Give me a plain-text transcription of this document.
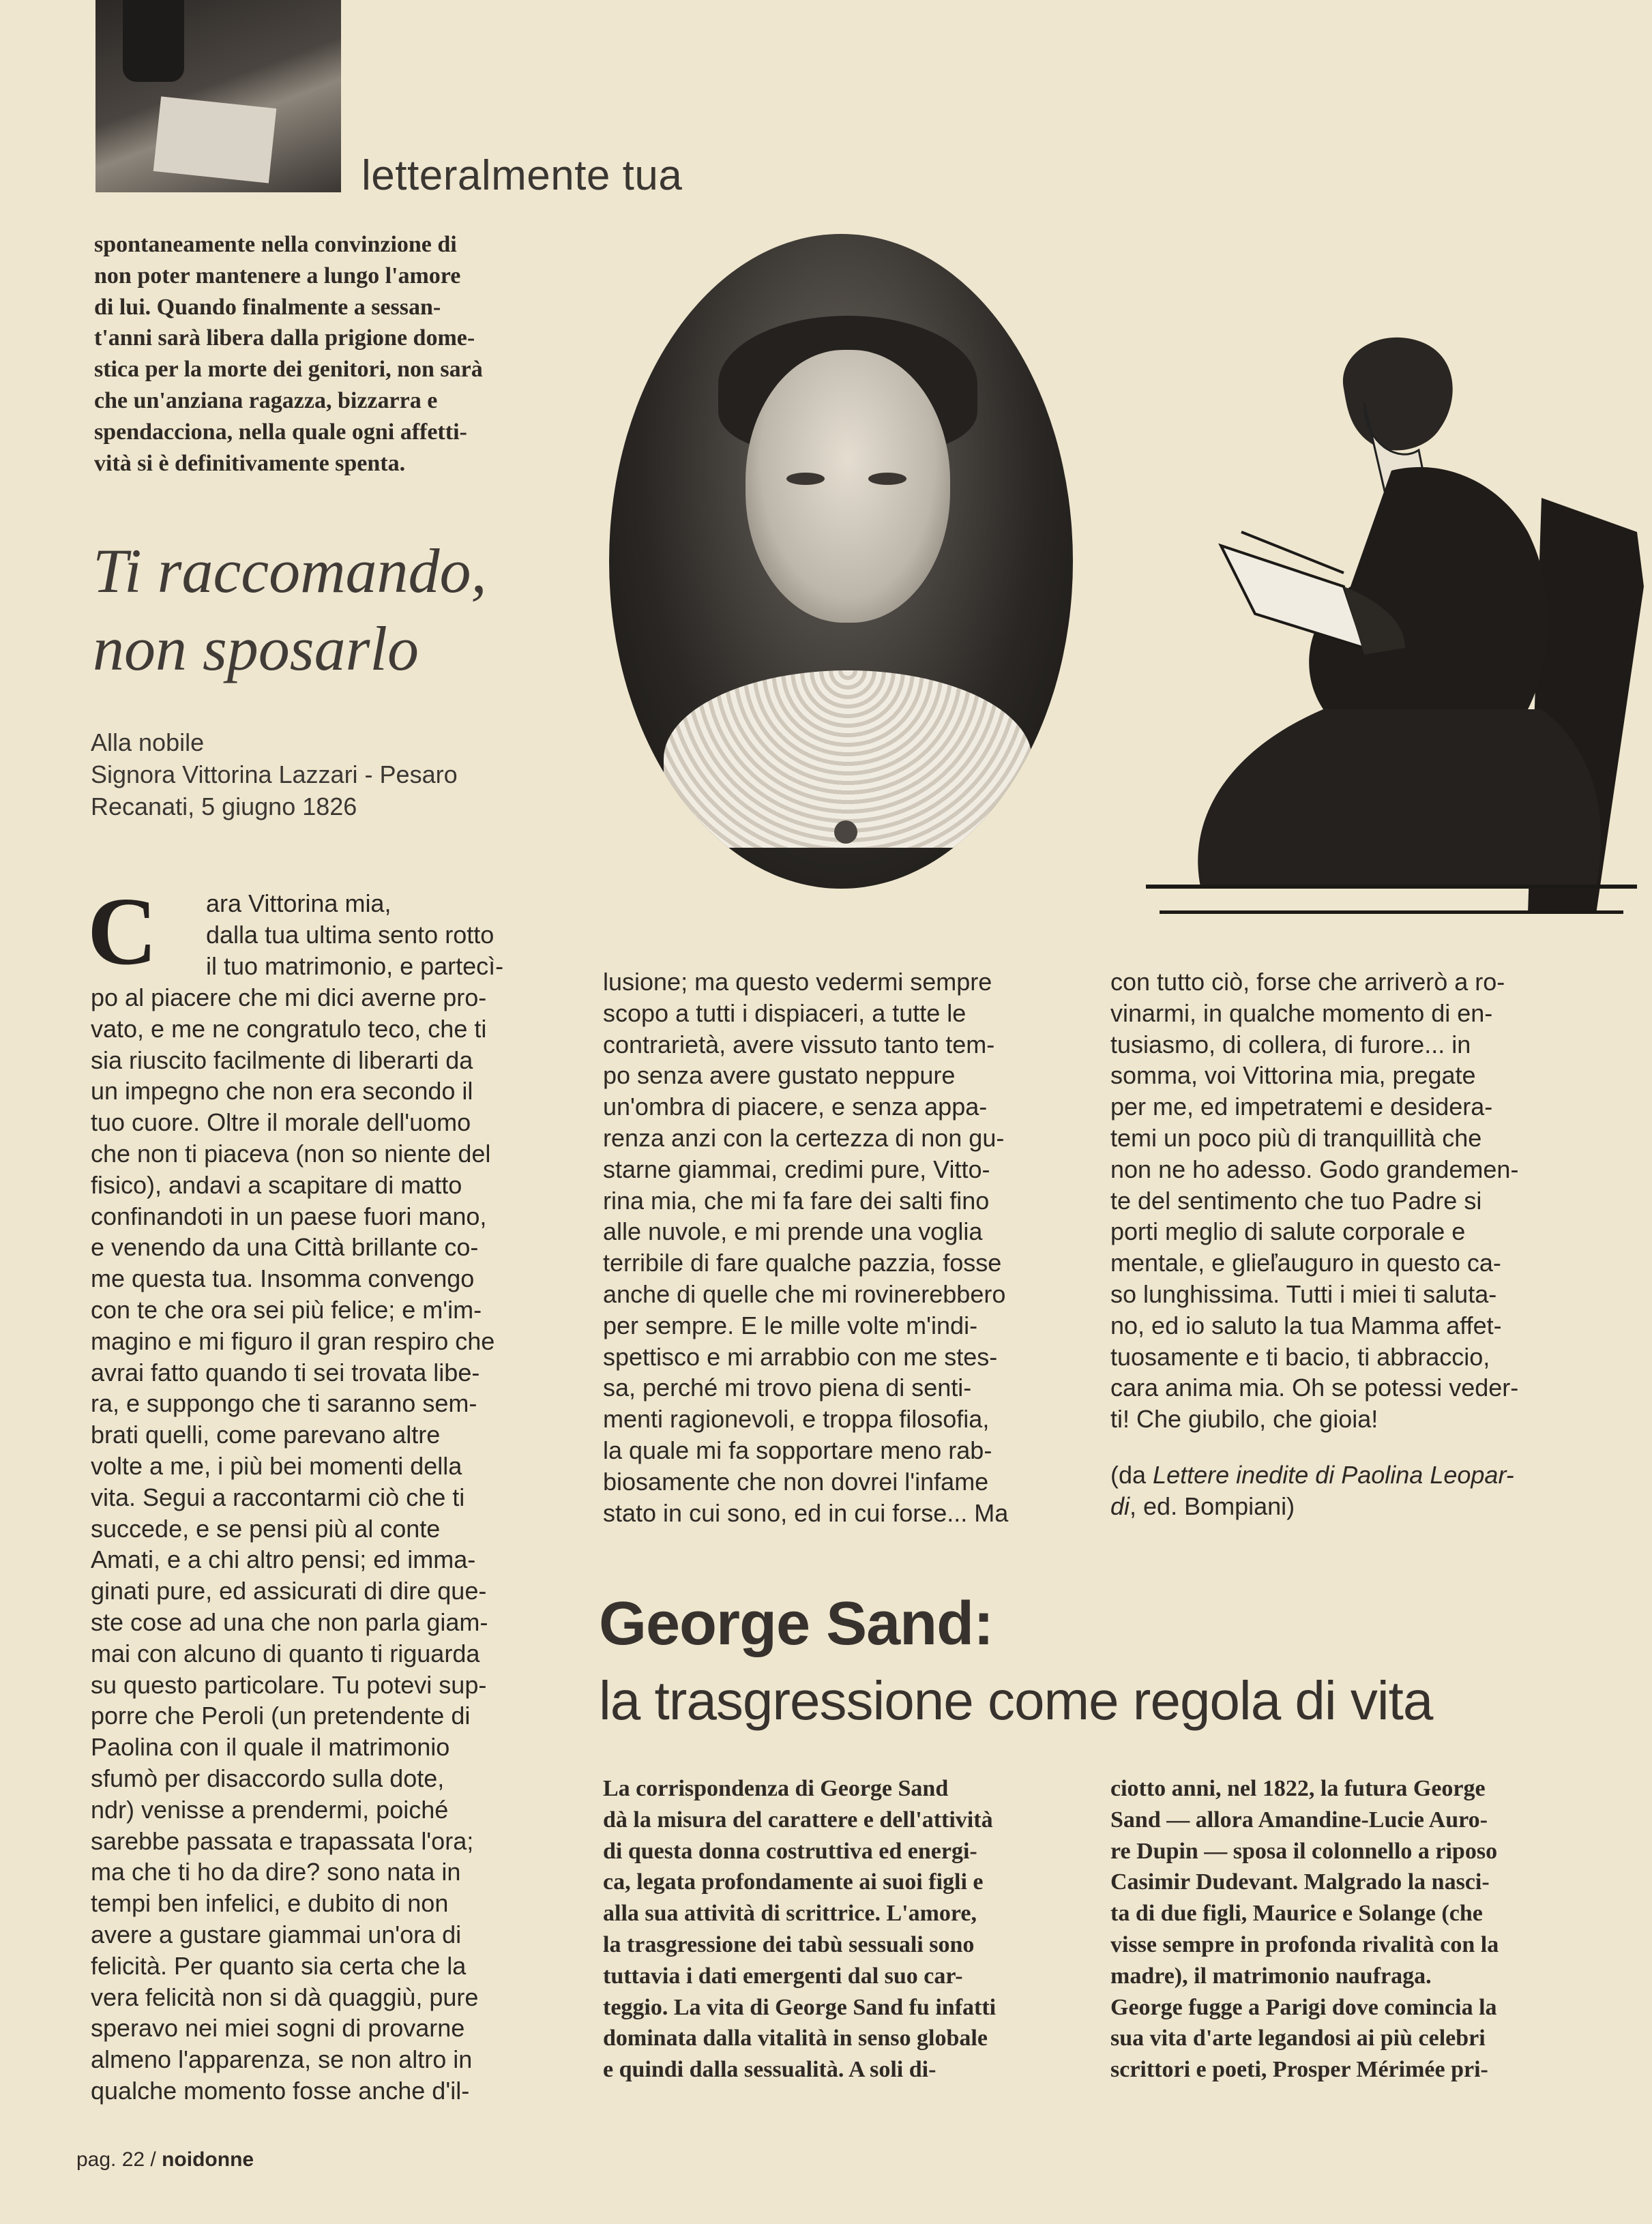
letteralmente tua
spontaneamente nella convinzione di
non poter mantenere a lungo l'amore
di lui. Quando finalmente a sessan-
t'anni sarà libera dalla prigione dome-
stica per la morte dei genitori, non sarà
che un'anziana ragazza, bizzarra e
spendacciona, nella quale ogni affetti-
vità si è definitivamente spenta.
Ti raccomando,
non sposarlo
Alla nobile
Signora Vittorina Lazzari - Pesaro
Recanati, 5 giugno 1826
C ara Vittorina mia,
dalla tua ultima sento rotto
il tuo matrimonio, e partecì-
po al piacere che mi dici averne pro-
vato, e me ne congratulo teco, che ti
sia riuscito facilmente di liberarti da
un impegno che non era secondo il
tuo cuore. Oltre il morale dell'uomo
che non ti piaceva (non so niente del
fisico), andavi a scapitare di matto
confinandoti in un paese fuori mano,
e venendo da una Città brillante co-
me questa tua. Insomma convengo
con te che ora sei più felice; e m'im-
magino e mi figuro il gran respiro che
avrai fatto quando ti sei trovata libe-
ra, e suppongo che ti saranno sem-
brati quelli, come parevano altre
volte a me, i più bei momenti della
vita. Segui a raccontarmi ciò che ti
succede, e se pensi più al conte
Amati, e a chi altro pensi; ed imma-
ginati pure, ed assicurati di dire que-
ste cose ad una che non parla giam-
mai con alcuno di quanto ti riguarda
su questo particolare. Tu potevi sup-
porre che Peroli (un pretendente di
Paolina con il quale il matrimonio
sfumò per disaccordo sulla dote,
ndr) venisse a prendermi, poiché
sarebbe passata e trapassata l'ora;
ma che ti ho da dire? sono nata in
tempi ben infelici, e dubito di non
avere a gustare giammai un'ora di
felicità. Per quanto sia certa che la
vera felicità non si dà quaggiù, pure
speravo nei miei sogni di provarne
almeno l'apparenza, se non altro in
qualche momento fosse anche d'il-
lusione; ma questo vedermi sempre
scopo a tutti i dispiaceri, a tutte le
contrarietà, avere vissuto tanto tem-
po senza avere gustato neppure
un'ombra di piacere, e senza appa-
renza anzi con la certezza di non gu-
starne giammai, credimi pure, Vitto-
rina mia, che mi fa fare dei salti fino
alle nuvole, e mi prende una voglia
terribile di fare qualche pazzia, fosse
anche di quelle che mi rovinerebbero
per sempre. E le mille volte m'indi-
spettisco e mi arrabbio con me stes-
sa, perché mi trovo piena di senti-
menti ragionevoli, e troppa filosofia,
la quale mi fa sopportare meno rab-
biosamente che non dovrei l'infame
stato in cui sono, ed in cui forse... Ma
con tutto ciò, forse che arriverò a ro-
vinarmi, in qualche momento di en-
tusiasmo, di collera, di furore... in
somma, voi Vittorina mia, pregate
per me, ed impetratemi e desidera-
temi un poco più di tranquillità che
non ne ho adesso. Godo grandemen-
te del sentimento che tuo Padre si
porti meglio di salute corporale e
mentale, e glieľauguro in questo ca-
so lunghissima. Tutti i miei ti saluta-
no, ed io saluto la tua Mamma affet-
tuosamente e ti bacio, ti abbraccio,
cara anima mia. Oh se potessi veder-
ti! Che giubilo, che gioia!
(da Lettere inedite di Paolina Leopar-
di, ed. Bompiani)
George Sand:
la trasgressione come regola di vita
La corrispondenza di George Sand
dà la misura del carattere e dell'attività
di questa donna costruttiva ed energi-
ca, legata profondamente ai suoi figli e
alla sua attività di scrittrice. L'amore,
la trasgressione dei tabù sessuali sono
tuttavia i dati emergenti dal suo car-
teggio. La vita di George Sand fu infatti
dominata dalla vitalità in senso globale
e quindi dalla sessualità. A soli di-
ciotto anni, nel 1822, la futura George
Sand — allora Amandine-Lucie Auro-
re Dupin — sposa il colonnello a riposo
Casimir Dudevant. Malgrado la nasci-
ta di due figli, Maurice e Solange (che
visse sempre in profonda rivalità con la
madre), il matrimonio naufraga.
George fugge a Parigi dove comincia la
sua vita d'arte legandosi ai più celebri
scrittori e poeti, Prosper Mérimée pri-
pag. 22 / noidonne
